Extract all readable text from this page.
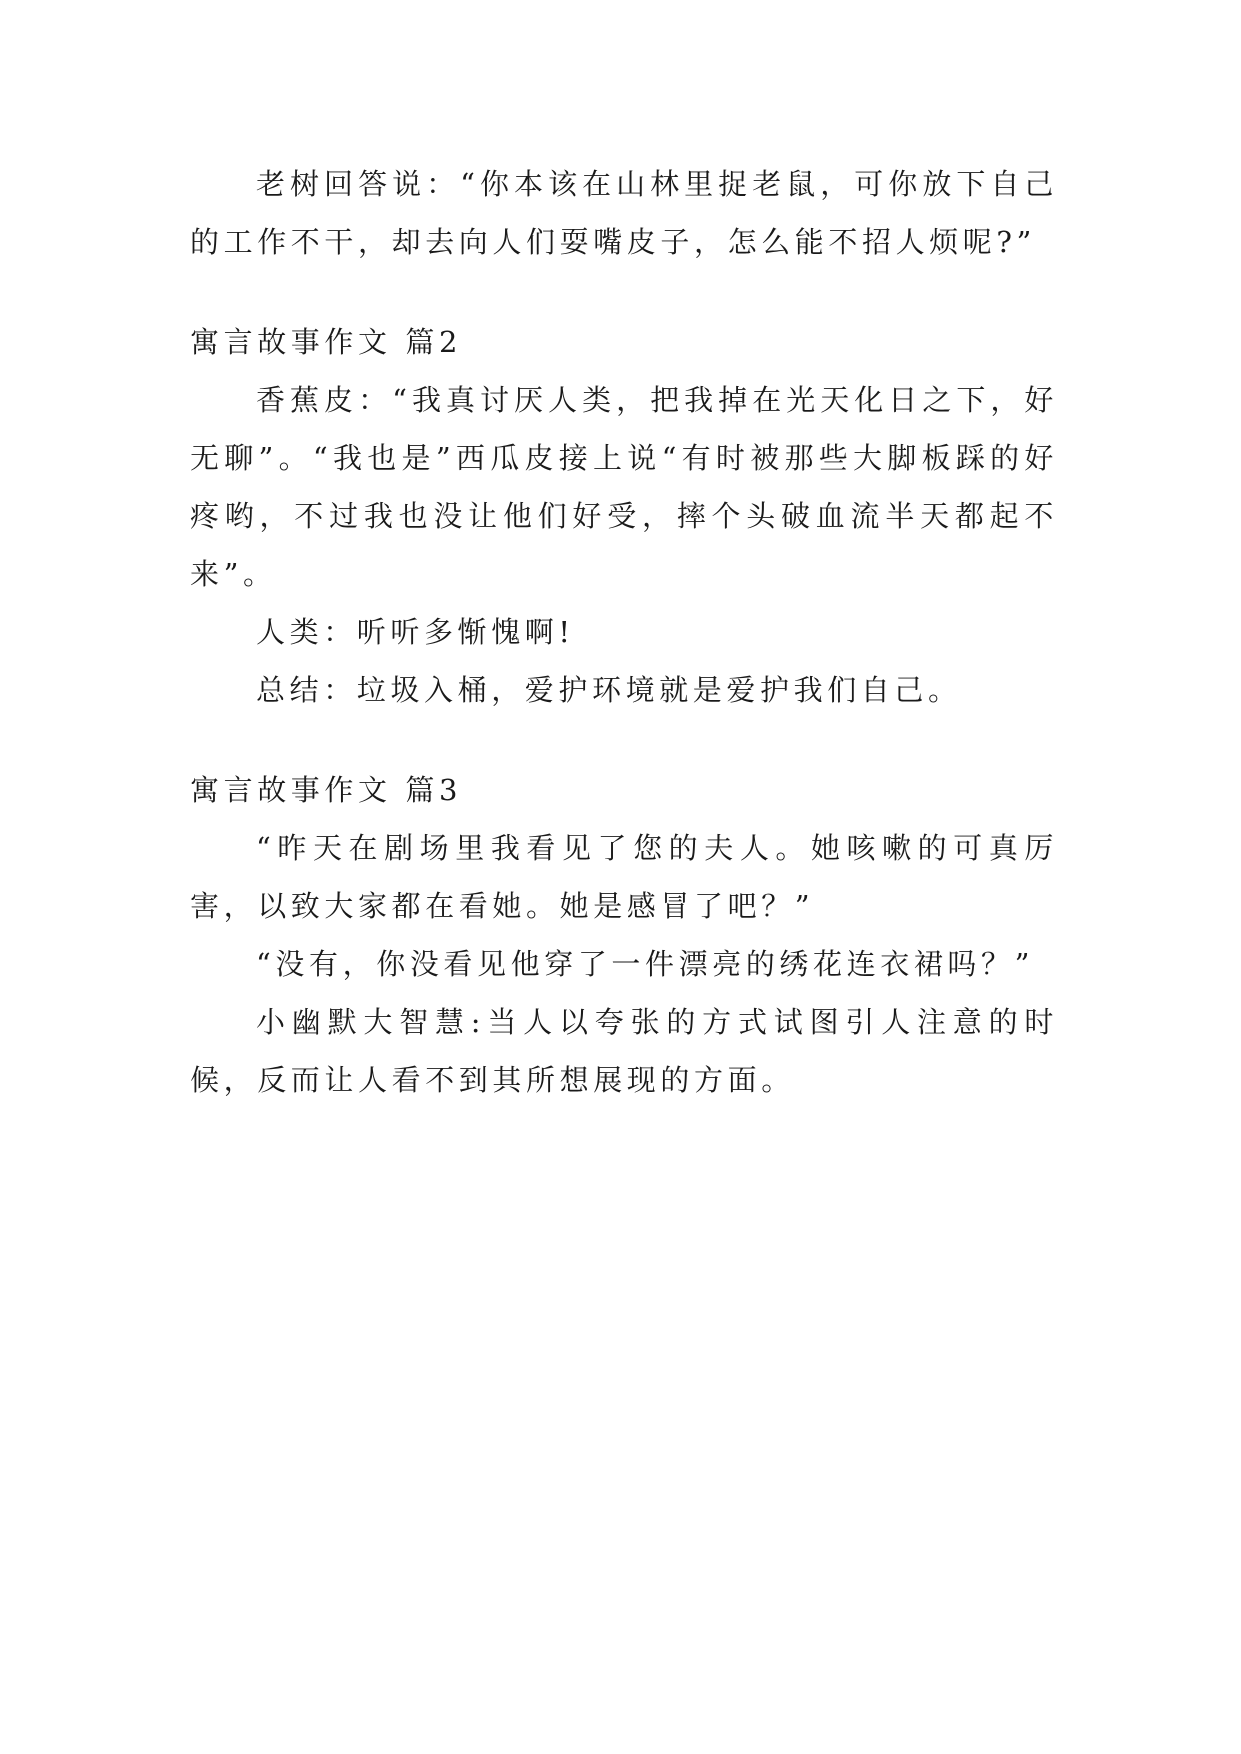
老树回答说：“你本该在山林里捉老鼠，可你放下自己的工作不干，却去向人们耍嘴皮子，怎么能不招人烦呢?”

寓言故事作文 篇2

香蕉皮：“我真讨厌人类，把我掉在光天化日之下，好无聊”。“我也是”西瓜皮接上说“有时被那些大脚板踩的好疼哟，不过我也没让他们好受，摔个头破血流半天都起不来”。

人类：听听多惭愧啊!

总结：垃圾入桶，爱护环境就是爱护我们自己。

寓言故事作文 篇3

“昨天在剧场里我看见了您的夫人。她咳嗽的可真厉害，以致大家都在看她。她是感冒了吧？”

“没有，你没看见他穿了一件漂亮的绣花连衣裙吗？”

小幽默大智慧:当人以夸张的方式试图引人注意的时候，反而让人看不到其所想展现的方面。
